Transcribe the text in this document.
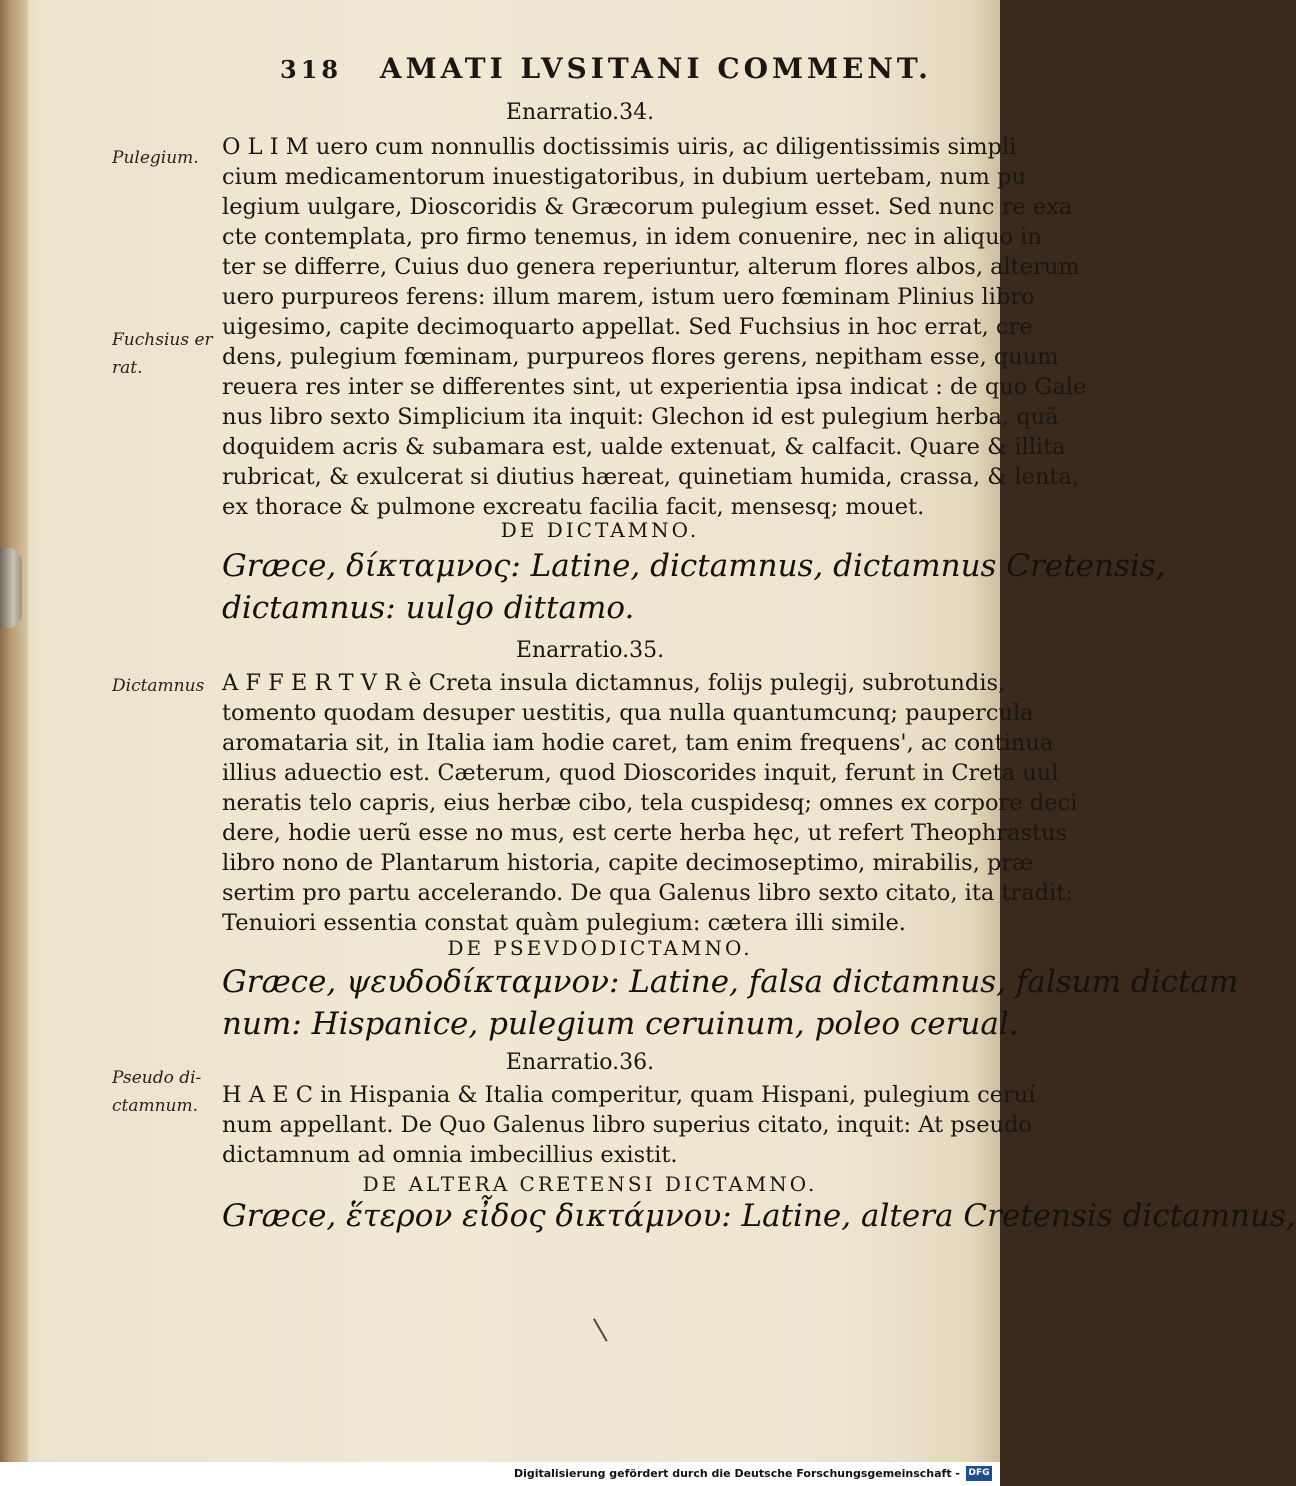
318 AMATI LVSITANI COMMENT.
Enarratio.34.
O L I M uero cum nonnullis doctissimis uiris, ac diligentissimis simpli
cium medicamentorum inuestigatoribus, in dubium uertebam, num pu
legium uulgare, Dioscoridis & Græcorum pulegium esset. Sed nunc re exa
cte contemplata, pro firmo tenemus, in idem conuenire, nec in aliquo in
ter se differre, Cuius duo genera reperiuntur, alterum flores albos, alterum
uero purpureos ferens: illum marem, istum uero fœminam Plinius libro
uigesimo, capite decimoquarto appellat. Sed Fuchsius in hoc errat, cre
dens, pulegium fœminam, purpureos flores gerens, nepitham esse, quum
reuera res inter se differentes sint, ut experientia ipsa indicat : de quo Gale
nus libro sexto Simplicium ita inquit: Glechon id est pulegium herba, quã
doquidem acris & subamara est, ualde extenuat, & calfacit. Quare & illita
rubricat, & exulcerat si diutius hæreat, quinetiam humida, crassa, & lenta,
ex thorace & pulmone excreatu facilia facit, mensesq; mouet.
DE DICTAMNO.
Græce, δίκταμνος: Latine, dictamnus, dictamnus Cretensis,
dictamnus: uulgo dittamo.
Enarratio.35.
A F F E R T V R è Creta insula dictamnus, folijs pulegij, subrotundis,
tomento quodam desuper uestitis, qua nulla quantumcunq; paupercula
aromataria sit, in Italia iam hodie caret, tam enim frequens', ac continua
illius aduectio est. Cæterum, quod Dioscorides inquit, ferunt in Creta uul
neratis telo capris, eius herbæ cibo, tela cuspidesq; omnes ex corpore deci
dere, hodie uerũ esse no mus, est certe herba hęc, ut refert Theophrastus
libro nono de Plantarum historia, capite decimoseptimo, mirabilis, præ
sertim pro partu accelerando. De qua Galenus libro sexto citato, ita tradit:
Tenuiori essentia constat quàm pulegium: cætera illi simile.
DE PSEVDODICTAMNO.
Græce, ψευδοδίκταμνον: Latine, falsa dictamnus, falsum dictam
num: Hispanice, pulegium ceruinum, poleo cerual.
Enarratio.36.
H A E C in Hispania & Italia comperitur, quam Hispani, pulegium ceruí
num appellant. De Quo Galenus libro superius citato, inquit: At pseudo
dictamnum ad omnia imbecillius existit.
DE ALTERA CRETENSI DICTAMNO.
Græce, ἕτερον εἶδος δικτάμνου: Latine, altera Cretensis dictamnus,
Pulegium.
Fuchsius er
rat.
Dictamnus
Pseudo di-
ctamnum.
Digitalisierung gefördert durch die Deutsche Forschungsgemeinschaft - DFG
